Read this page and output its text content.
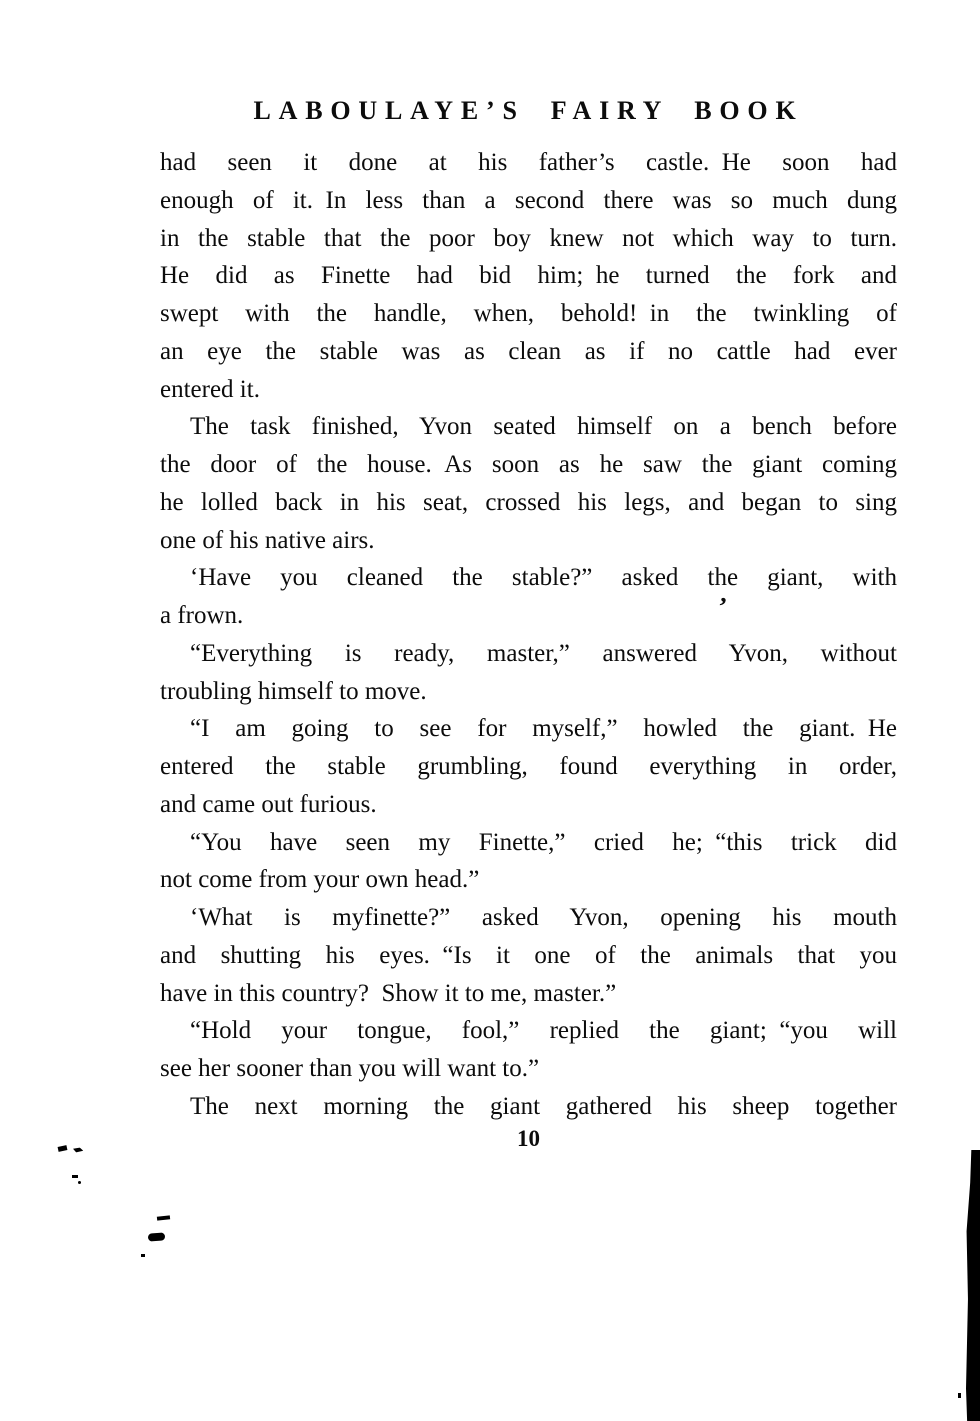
LABOULAYE’S FAIRY BOOK
had seen it done at his father’s castle. He soon had
enough of it. In less than a second there was so much dung
in the stable that the poor boy knew not which way to turn.
He did as Finette had bid him; he turned the fork and
swept with the handle, when, behold! in the twinkling of
an eye the stable was as clean as if no cattle had ever
entered it.
The task finished, Yvon seated himself on a bench before
the door of the house. As soon as he saw the giant coming
he lolled back in his seat, crossed his legs, and began to sing
one of his native airs.
‘Have you cleaned the stable?” asked the giant, with
a frown.
“Everything is ready, master,” answered Yvon, without
troubling himself to move.
“I am going to see for myself,” howled the giant. He
entered the stable grumbling, found everything in order,
and came out furious.
“You have seen my Finette,” cried he; “this trick did
not come from your own head.”
‘What is myfinette?” asked Yvon, opening his mouth
and shutting his eyes. “Is it one of the animals that you
have in this country? Show it to me, master.”
“Hold your tongue, fool,” replied the giant; “you will
see her sooner than you will want to.”
The next morning the giant gathered his sheep together
10
’
